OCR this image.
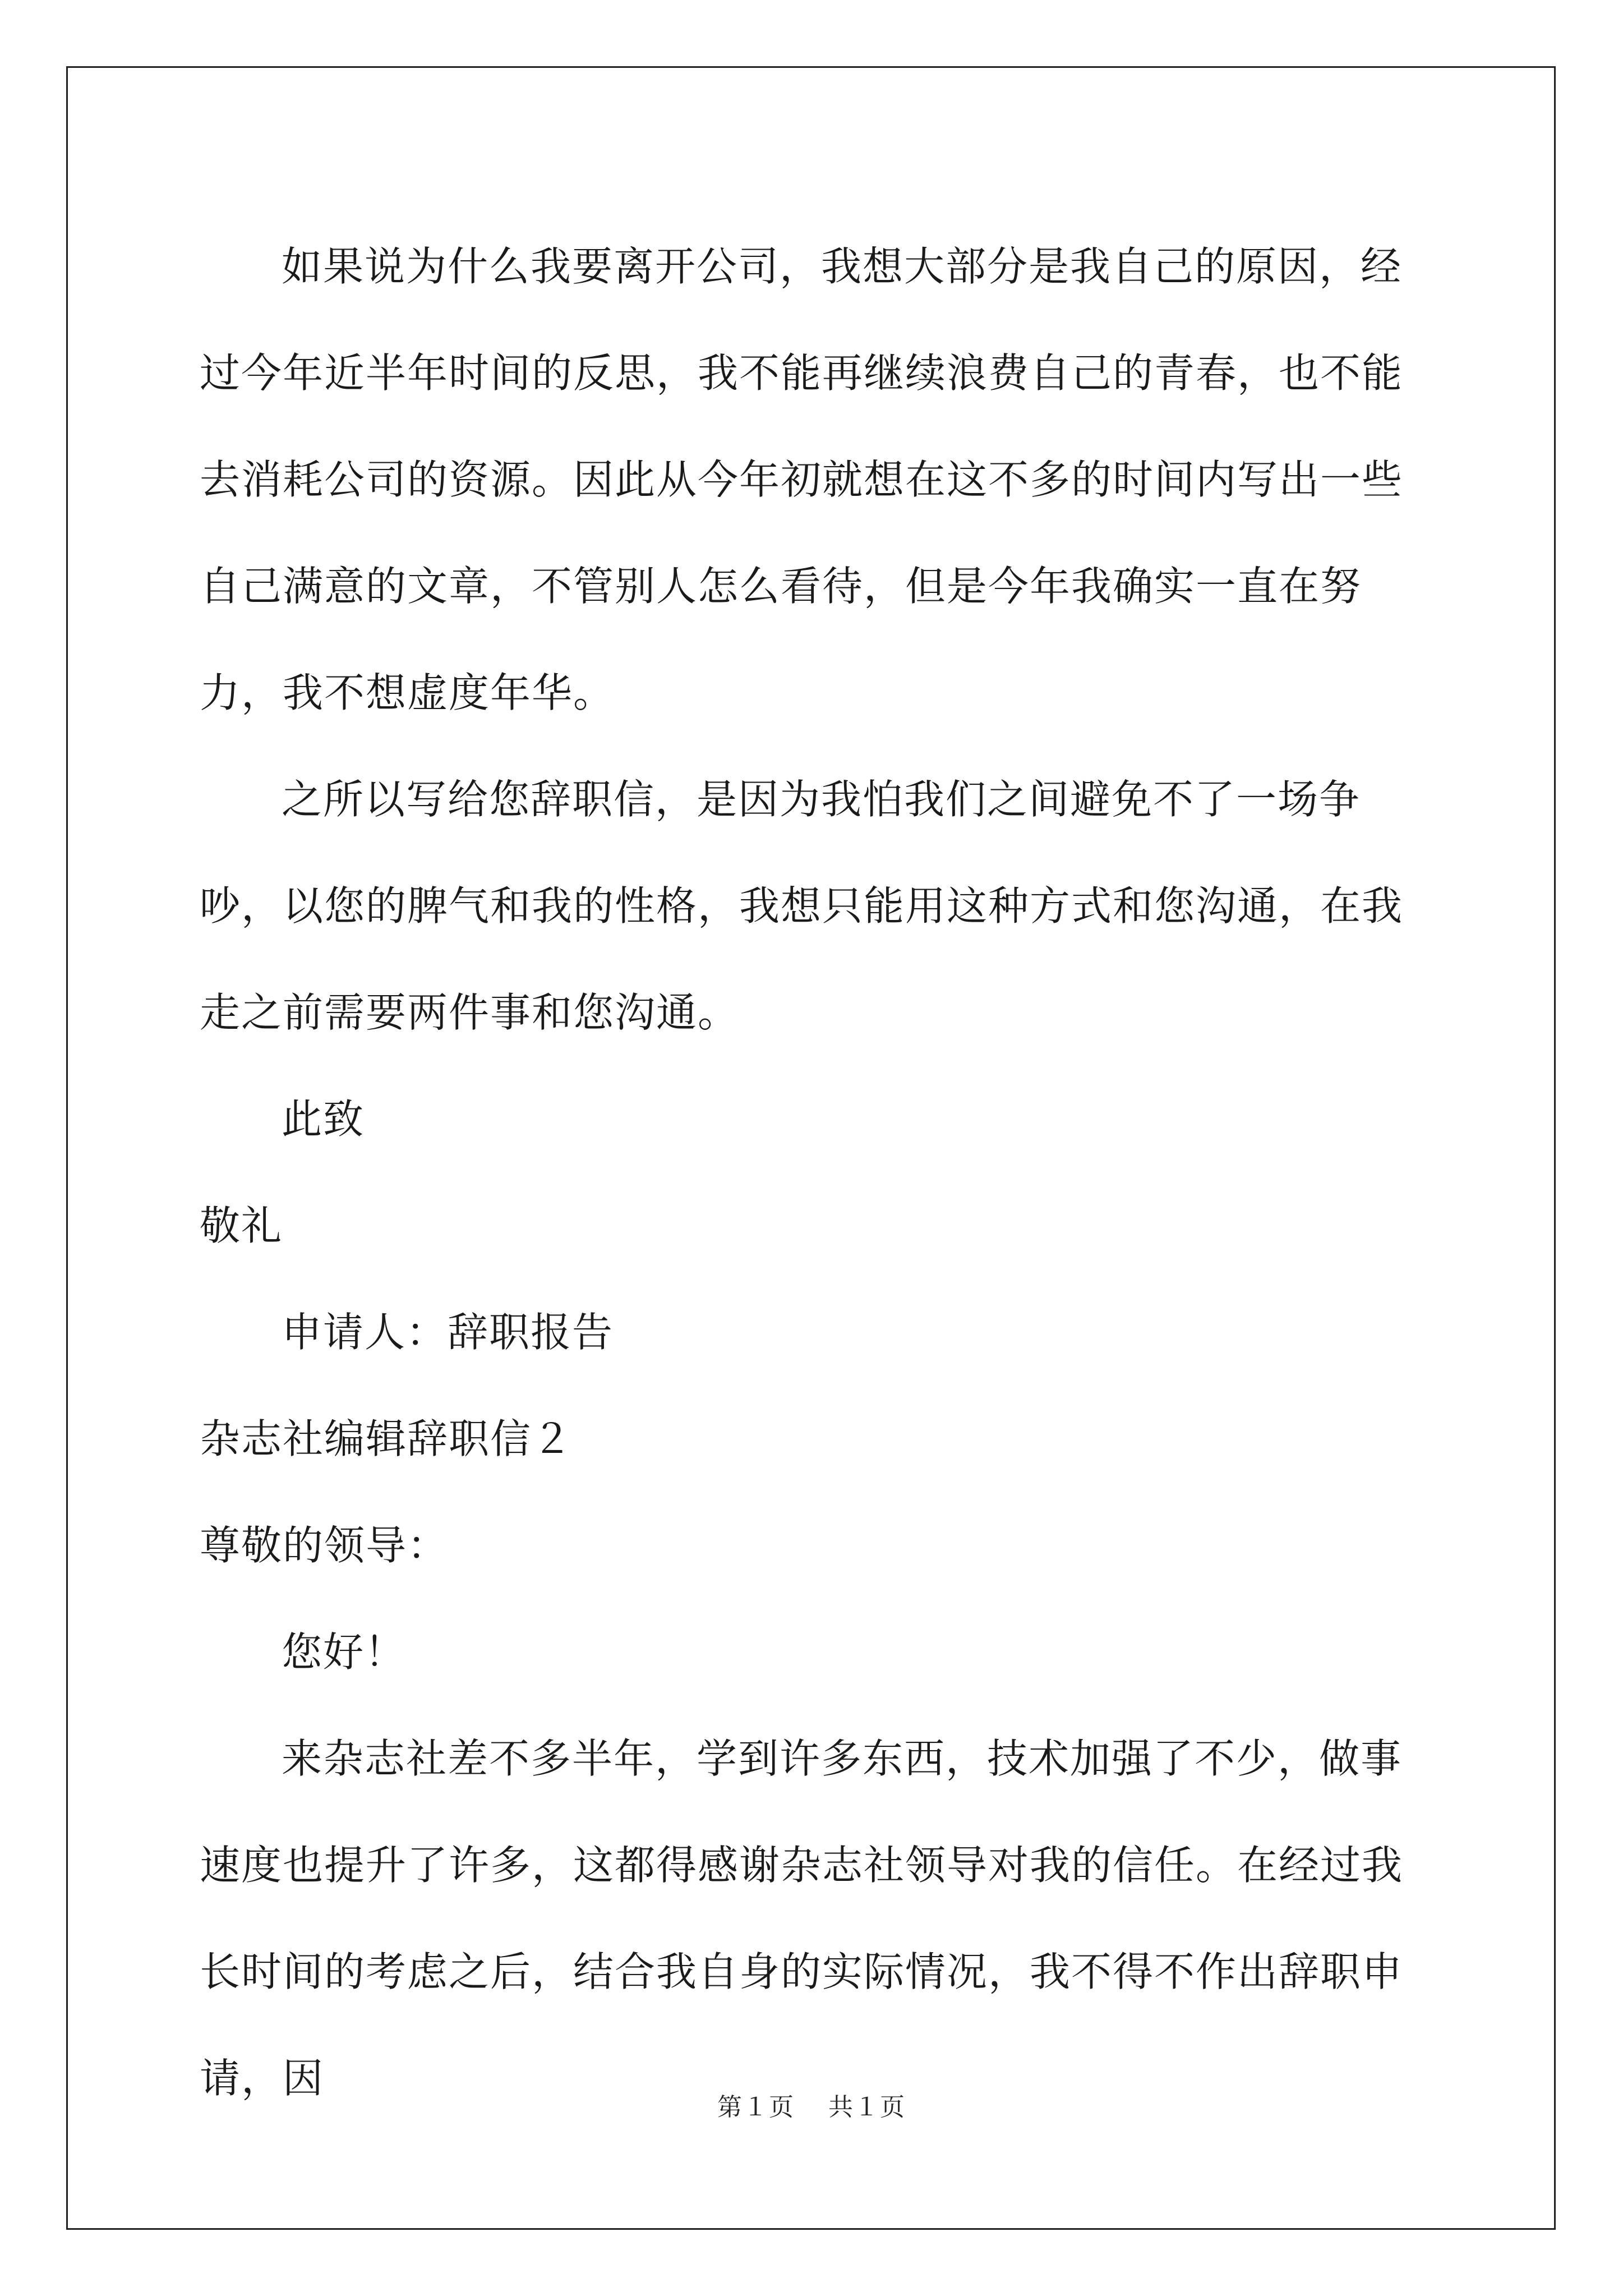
如果说为什么我要离开公司，我想大部分是我自己的原因，经过今年近半年时间的反思，我不能再继续浪费自己的青春，也不能去消耗公司的资源。因此从今年初就想在这不多的时间内写出一些自己满意的文章，不管别人怎么看待，但是今年我确实一直在努力，我不想虚度年华。

之所以写给您辞职信，是因为我怕我们之间避免不了一场争吵，以您的脾气和我的性格，我想只能用这种方式和您沟通，在我走之前需要两件事和您沟通。

此致

敬礼

申请人：辞职报告

杂志社编辑辞职信２

尊敬的领导：

您好！

来杂志社差不多半年，学到许多东西，技术加强了不少，做事速度也提升了许多，这都得感谢杂志社领导对我的信任。在经过我长时间的考虑之后，结合我自身的实际情况，我不得不作出辞职申请，因

第１页 共１页
